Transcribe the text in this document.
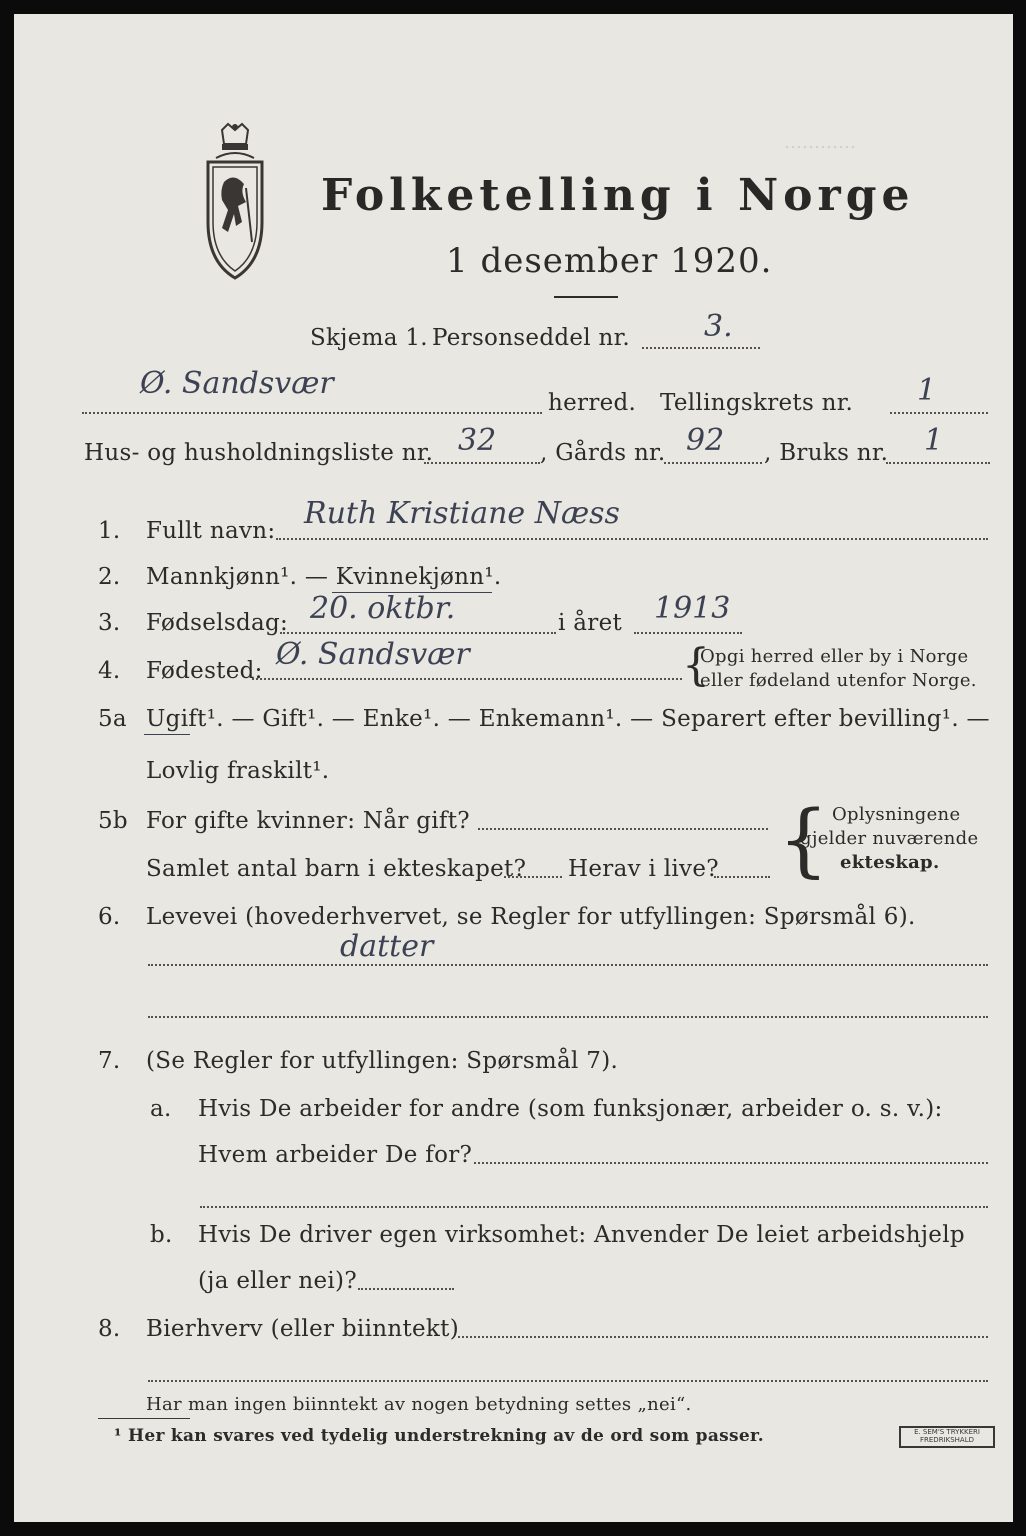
…………
Folketelling i Norge
1 desember 1920.
Skjema 1. Personseddel nr. 3.
Ø. Sandsvær
herred. Tellingskrets nr. 1
Hus- og husholdningsliste nr. 32 , Gårds nr. 92 , Bruks nr. 1
1. Fullt navn: Ruth Kristiane Næss
2. Mannkjønn¹. — Kvinnekjønn¹.
3. Fødselsdag: 20. oktbr.	i året 1913
4. Fødested: Ø. Sandsvær	{
Opgi herred eller by i Norge
eller fødeland utenfor Norge.
5a Ugift¹. — Gift¹. — Enke¹. — Enkemann¹. — Separert efter bevilling¹. —
Lovlig fraskilt¹.
5b For gifte kvinner: Når gift?
Samlet antal barn i ekteskapet? Herav i live? { Oplysningene
gjelder nuværende
ekteskap.
6. Levevei (hovederhvervet, se Regler for utfyllingen: Spørsmål 6).
datter
7. (Se Regler for utfyllingen: Spørsmål 7).
a. Hvis De arbeider for andre (som funksjonær, arbeider o. s. v.):
Hvem arbeider De for?
b. Hvis De driver egen virksomhet: Anvender De leiet arbeidshjelp
(ja eller nei)?
8. Bierhverv (eller biinntekt)
Har man ingen biinntekt av nogen betydning settes „nei“.
¹ Her kan svares ved tydelig understrekning av de ord som passer.	E. SEM'S TRYKKERI FREDRIKSHALD
